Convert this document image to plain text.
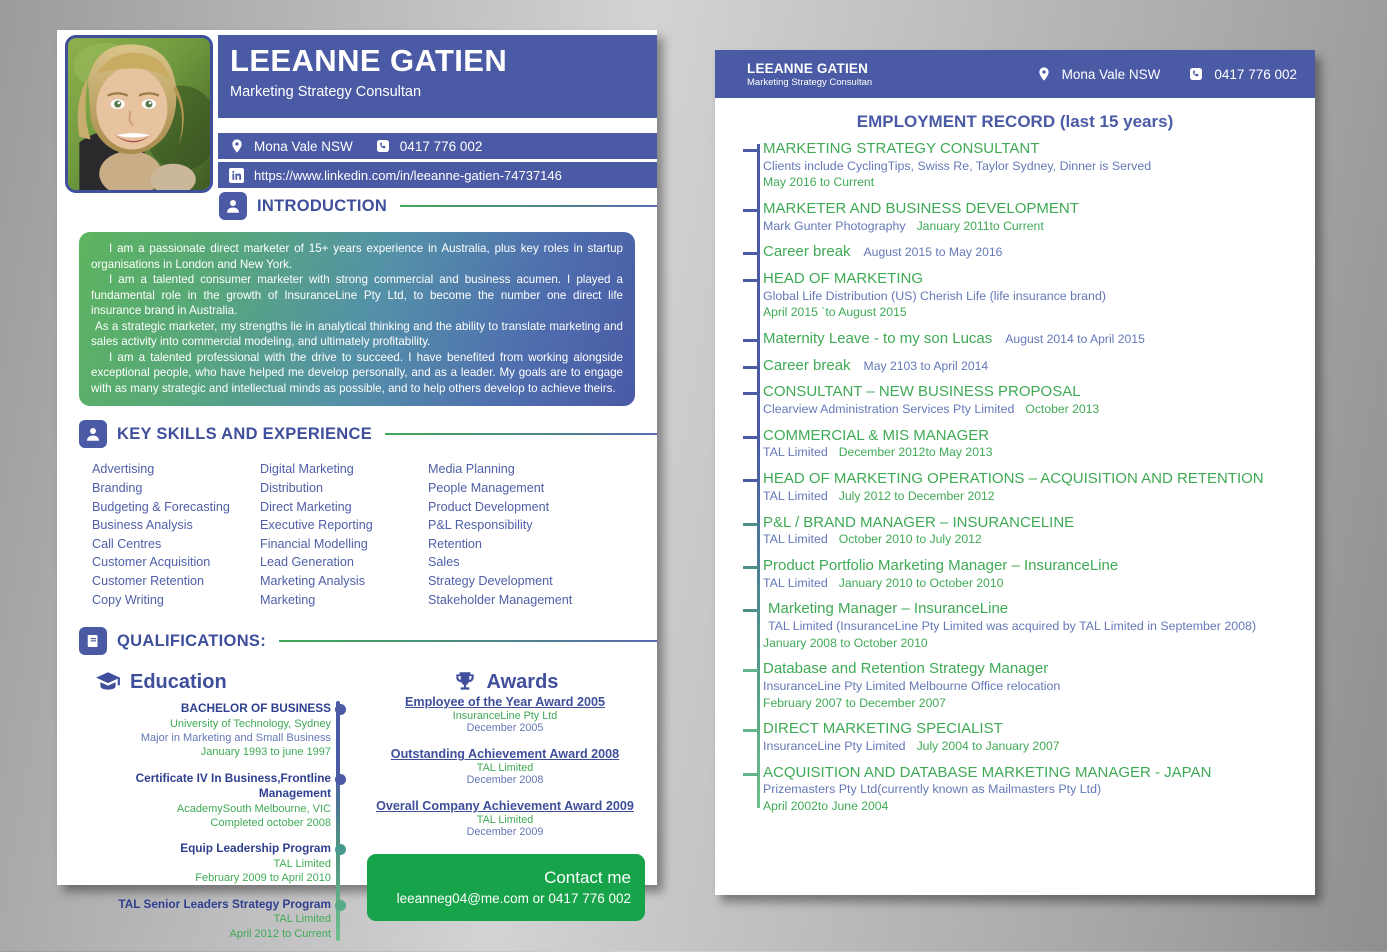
LEEANNE GATIEN
Marketing Strategy Consultan
Mona Vale NSW	0417 776 002
https://www.linkedin.com/in/leeanne-gatien-74737146
INTRODUCTION

I am a passionate direct marketer of 15+ years experience in Australia, plus key roles in startup organisations in London and New York.

I am a talented consumer marketer with strong commercial and business acumen. I played a fundamental role in the growth of InsuranceLine Pty Ltd, to become the number one direct life insurance brand in Australia.

As a strategic marketer, my strengths lie in analytical thinking and the ability to translate marketing and sales activity into commercial modeling, and ultimately profitability.

I am a talented professional with the drive to succeed. I have benefited from working alongside exceptional people, who have helped me develop personally, and as a leader. My goals are to engage with as many strategic and intellectual minds as possible, and to help others develop to achieve theirs.

KEY SKILLS AND EXPERIENCE
Advertising
Branding
Budgeting & Forecasting
Business Analysis
Call Centres
Customer Acquisition
Customer Retention
Copy Writing
Digital Marketing
Distribution
Direct Marketing
Executive Reporting
Financial Modelling
Lead Generation
Marketing Analysis
Marketing
Media Planning
People Management
Product Development
P&L Responsibility
Retention
Sales
Strategy Development
Stakeholder Management
QUALIFICATIONS:
Education
BACHELOR OF BUSINESS
University of Technology, Sydney
Major in Marketing and Small Business
January 1993 to june 1997
Certificate IV In Business,Frontline Management
AcademySouth Melbourne, VIC
Completed october 2008
Equip Leadership Program
TAL Limited
February 2009 to April 2010
TAL Senior Leaders Strategy Program
TAL Limited
April 2012 to Current
Awards
Employee of the Year Award 2005
InsuranceLine Pty Ltd
December 2005
Outstanding Achievement Award 2008
TAL Limited
December 2008
Overall Company Achievement Award 2009
TAL Limited
December 2009
Contact me
leeanneg04@me.com or 0417 776 002
LEEANNE GATIEN
Marketing Strategy Consultan
Mona Vale NSW	0417 776 002
EMPLOYMENT RECORD (last 15 years)
MARKETING STRATEGY CONSULTANT
Clients include CyclingTips, Swiss Re, Taylor Sydney, Dinner is Served
May 2016 to Current
MARKETER AND BUSINESS DEVELOPMENT
Mark Gunter Photography January 2011to Current
Career break August 2015 to May 2016
HEAD OF MARKETING
Global Life Distribution (US) Cherish Life (life insurance brand)
April 2015 `to August 2015
Maternity Leave - to my son Lucas August 2014 to April 2015
Career break May 2103 to April 2014
CONSULTANT – NEW BUSINESS PROPOSAL
Clearview Administration Services Pty Limited October 2013
COMMERCIAL & MIS MANAGER
TAL Limited December 2012to May 2013
HEAD OF MARKETING OPERATIONS – ACQUISITION AND RETENTION
TAL Limited July 2012 to December 2012
P&L / BRAND MANAGER – INSURANCELINE
TAL Limited October 2010 to July 2012
Product Portfolio Marketing Manager – InsuranceLine
TAL Limited January 2010 to October 2010
Marketing Manager – InsuranceLine
TAL Limited (InsuranceLine Pty Limited was acquired by TAL Limited in September 2008)
January 2008 to October 2010
Database and Retention Strategy Manager
InsuranceLine Pty Limited Melbourne Office relocation
February 2007 to December 2007
DIRECT MARKETING SPECIALIST
InsuranceLine Pty Limited July 2004 to January 2007
ACQUISITION AND DATABASE MARKETING MANAGER - JAPAN
Prizemasters Pty Ltd(currently known as Mailmasters Pty Ltd)
April 2002to June 2004
